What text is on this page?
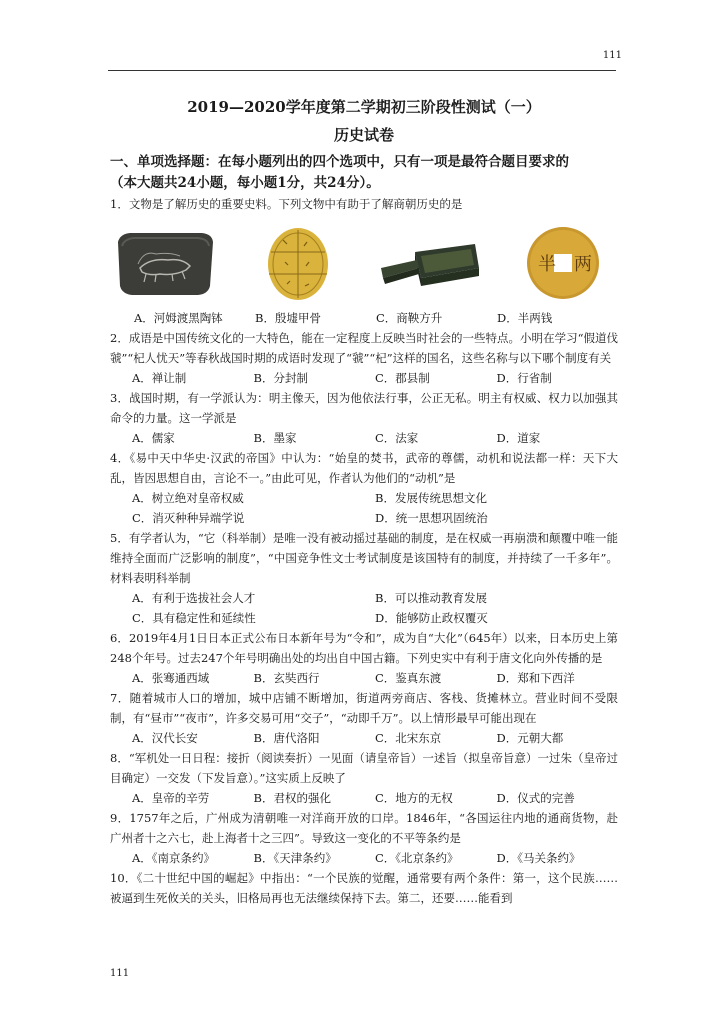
111
2019—2020学年度第二学期初三阶段性测试（一）
历史试卷
一、单项选择题：在每小题列出的四个选项中，只有一项是最符合题目要求的
（本大题共24小题，每小题1分，共24分）。
1．文物是了解历史的重要史料。下列文物中有助于了解商朝历史的是
半 两
A．河姆渡黑陶钵	B．殷墟甲骨	C．商鞅方升	D．半两钱
2．成语是中国传统文化的一大特色，能在一定程度上反映当时社会的一些特点。小明在学习“假道伐虢”“杞人忧天”等春秋战国时期的成语时发现了“虢”“杞”这样的国名，这些名称与以下哪个制度有关
A．禅让制	B．分封制	C．郡县制	D．行省制
3．战国时期，有一学派认为：明主像天，因为他依法行事，公正无私。明主有权威、权力以加强其命令的力量。这一学派是
A．儒家	B．墨家	C．法家	D．道家
4．《易中天中华史·汉武的帝国》中认为：“始皇的焚书，武帝的尊儒，动机和说法都一样：天下大乱，皆因思想自由，言论不一。”由此可见，作者认为他们的“动机”是
A．树立绝对皇帝权威	B．发展传统思想文化
C．消灭种种异端学说	D．统一思想巩固统治
5．有学者认为，“它（科举制）是唯一没有被动摇过基础的制度，是在权威一再崩溃和颠覆中唯一能维持全面而广泛影响的制度”，“中国竞争性文士考试制度是该国特有的制度，并持续了一千多年”。材料表明科举制
A．有利于选拔社会人才	B．可以推动教育发展
C．具有稳定性和延续性	D．能够防止政权覆灭
6．2019年4月1日日本正式公布日本新年号为“令和”，成为自“大化”（645年）以来，日本历史上第248个年号。过去247个年号明确出处的均出自中国古籍。下列史实中有利于唐文化向外传播的是
A．张骞通西域	B．玄奘西行	C．鉴真东渡	D．郑和下西洋
7．随着城市人口的增加，城中店铺不断增加，街道两旁商店、客栈、货摊林立。营业时间不受限制，有“昼市”“夜市”，许多交易可用“交子”，“动即千万”。以上情形最早可能出现在
A．汉代长安	B．唐代洛阳	C．北宋东京	D．元朝大都
8．“军机处一日日程：接折（阅读奏折）一见面（请皇帝旨）一述旨（拟皇帝旨意）一过朱（皇帝过目确定）一交发（下发旨意）。”这实质上反映了
A．皇帝的辛劳	B．君权的强化	C．地方的无权	D．仪式的完善
9．1757年之后，广州成为清朝唯一对洋商开放的口岸。1846年，“各国运往内地的通商货物，赴广州者十之六七，赴上海者十之三四”。导致这一变化的不平等条约是
A．《南京条约》	B．《天津条约》	C．《北京条约》	D．《马关条约》
10．《二十世纪中国的崛起》中指出：“一个民族的觉醒，通常要有两个条件：第一，这个民族……被逼到生死攸关的关头，旧格局再也无法继续保持下去。第二，还要……能看到
111
